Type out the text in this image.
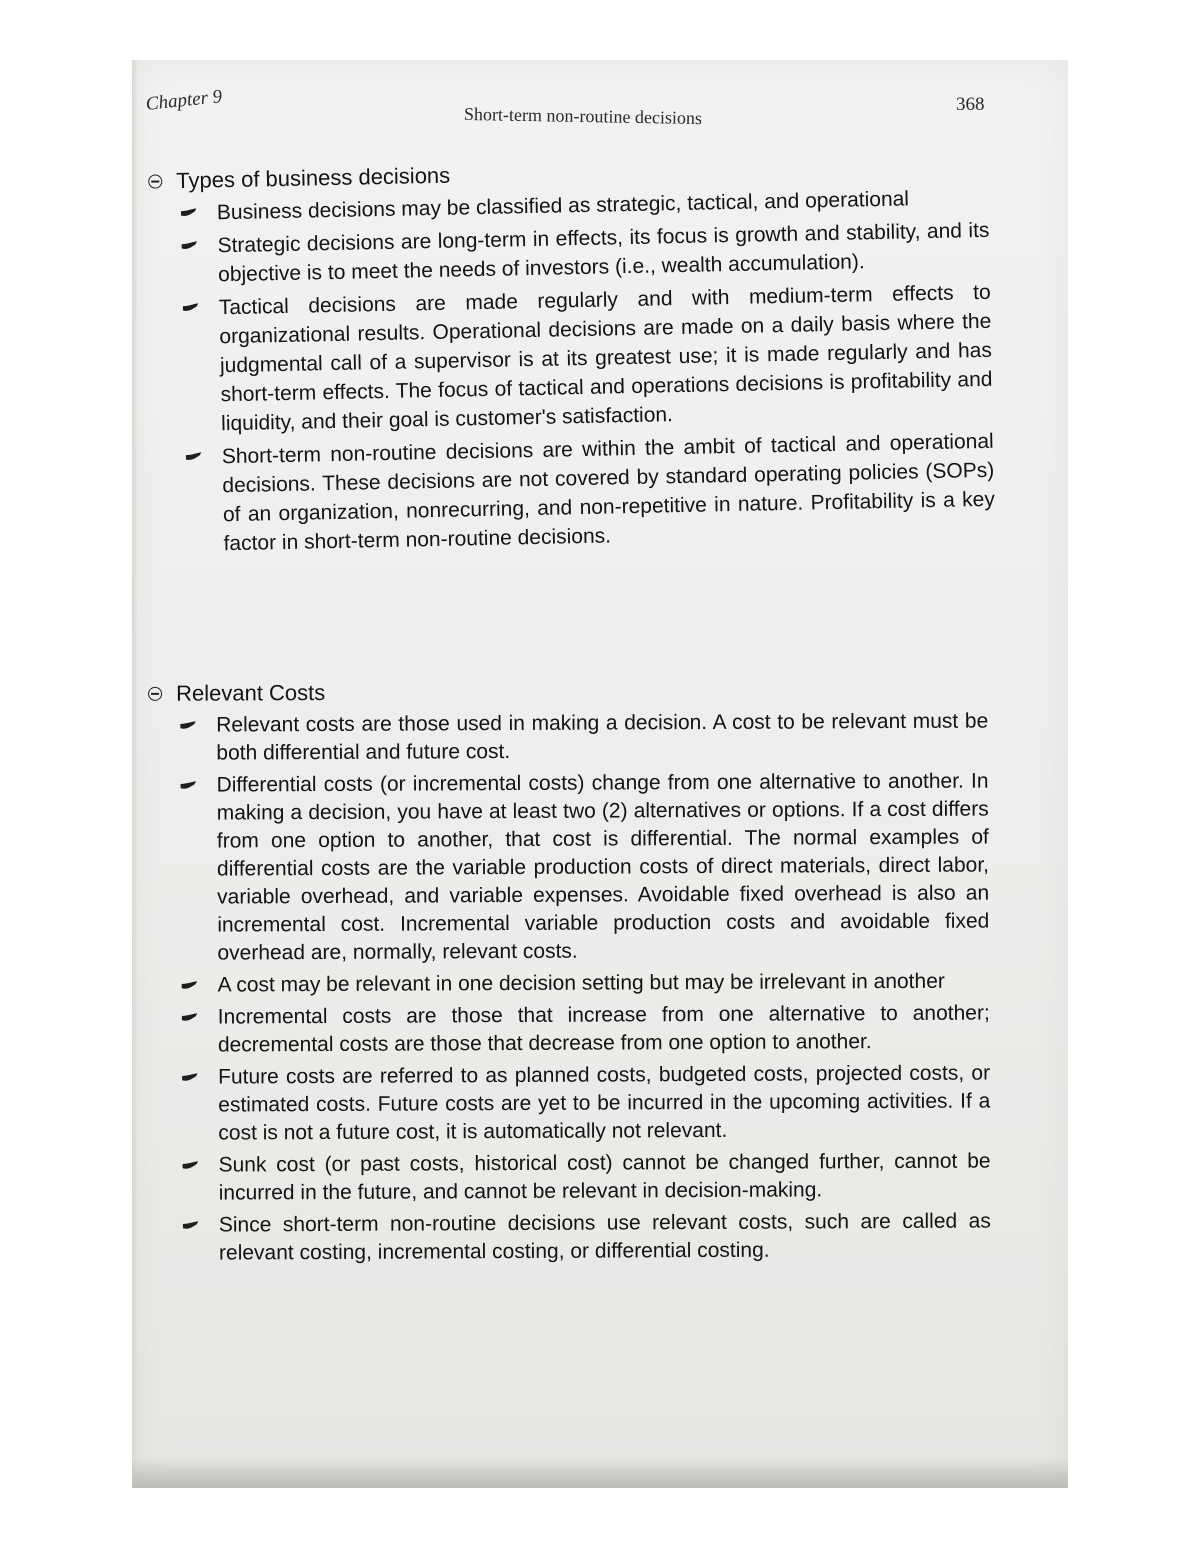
Chapter 9
Short-term non-routine decisions	368
Types of business decisions
Business decisions may be classified as strategic, tactical, and operational
Strategic decisions are long-term in effects, its focus is growth and stability, and its objective is to meet the needs of investors (i.e., wealth accumulation).
Tactical decisions are made regularly and with medium-term effects to organizational results. Operational decisions are made on a daily basis where the judgmental call of a supervisor is at its greatest use; it is made regularly and has short-term effects. The focus of tactical and operations decisions is profitability and liquidity, and their goal is customer's satisfaction.
Short-term non-routine decisions are within the ambit of tactical and operational decisions. These decisions are not covered by standard operating policies (SOPs) of an organization, nonrecurring, and non-repetitive in nature. Profitability is a key factor in short-term non-routine decisions.
Relevant Costs
Relevant costs are those used in making a decision. A cost to be relevant must be both differential and future cost.
Differential costs (or incremental costs) change from one alternative to another. In making a decision, you have at least two (2) alternatives or options. If a cost differs from one option to another, that cost is differential. The normal examples of differential costs are the variable production costs of direct materials, direct labor, variable overhead, and variable expenses. Avoidable fixed overhead is also an incremental cost. Incremental variable production costs and avoidable fixed overhead are, normally, relevant costs.
A cost may be relevant in one decision setting but may be irrelevant in another
Incremental costs are those that increase from one alternative to another; decremental costs are those that decrease from one option to another.
Future costs are referred to as planned costs, budgeted costs, projected costs, or estimated costs. Future costs are yet to be incurred in the upcoming activities. If a cost is not a future cost, it is automatically not relevant.
Sunk cost (or past costs, historical cost) cannot be changed further, cannot be incurred in the future, and cannot be relevant in decision-making.
Since short-term non-routine decisions use relevant costs, such are called as relevant costing, incremental costing, or differential costing.
